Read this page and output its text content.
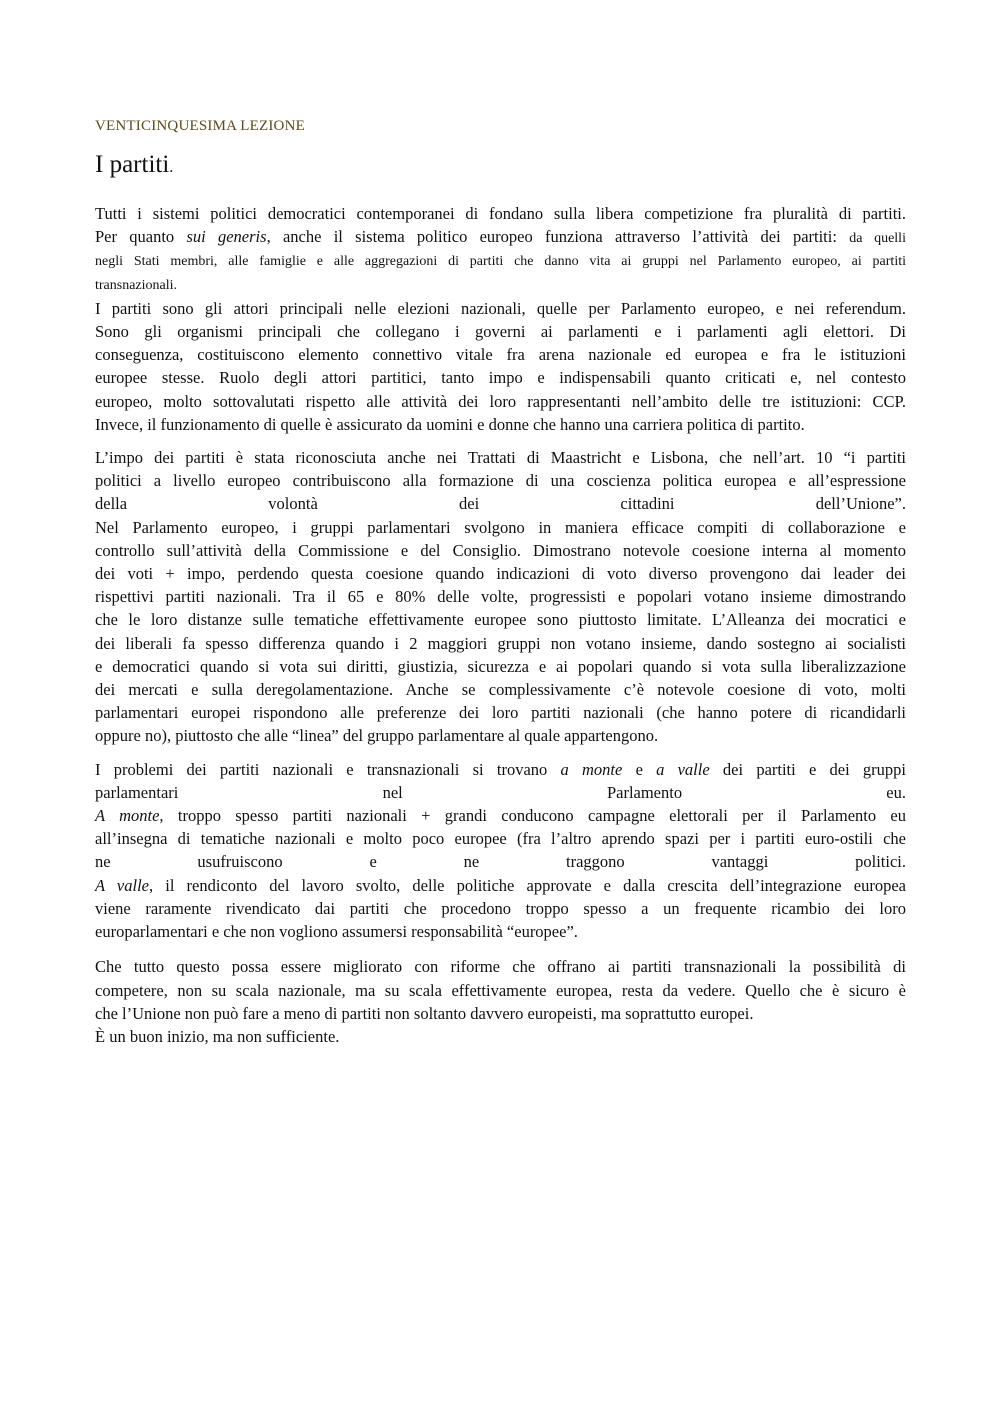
VENTICINQUESIMA LEZIONE
I partiti.
Tutti i sistemi politici democratici contemporanei di fondano sulla libera competizione fra pluralità di partiti.
Per quanto sui generis, anche il sistema politico europeo funziona attraverso l’attività dei partiti: da quelli
negli Stati membri, alle famiglie e alle aggregazioni di partiti che danno vita ai gruppi nel Parlamento europeo, ai partiti
transnazionali.
I partiti sono gli attori principali nelle elezioni nazionali, quelle per Parlamento europeo, e nei referendum.
Sono gli organismi principali che collegano i governi ai parlamenti e i parlamenti agli elettori. Di
conseguenza, costituiscono elemento connettivo vitale fra arena nazionale ed europea e fra le istituzioni
europee stesse. Ruolo degli attori partitici, tanto impo e indispensabili quanto criticati e, nel contesto
europeo, molto sottovalutati rispetto alle attività dei loro rappresentanti nell’ambito delle tre istituzioni: CCP.
Invece, il funzionamento di quelle è assicurato da uomini e donne che hanno una carriera politica di partito.
L’impo dei partiti è stata riconosciuta anche nei Trattati di Maastricht e Lisbona, che nell’art. 10 “i partiti
politici a livello europeo contribuiscono alla formazione di una coscienza politica europea e all’espressione
della volontà dei cittadini dell’Unione”.
Nel Parlamento europeo, i gruppi parlamentari svolgono in maniera efficace compiti di collaborazione e
controllo sull’attività della Commissione e del Consiglio. Dimostrano notevole coesione interna al momento
dei voti + impo, perdendo questa coesione quando indicazioni di voto diverso provengono dai leader dei
rispettivi partiti nazionali. Tra il 65 e 80% delle volte, progressisti e popolari votano insieme dimostrando
che le loro distanze sulle tematiche effettivamente europee sono piuttosto limitate. L’Alleanza dei mocratici e
dei liberali fa spesso differenza quando i 2 maggiori gruppi non votano insieme, dando sostegno ai socialisti
e democratici quando si vota sui diritti, giustizia, sicurezza e ai popolari quando si vota sulla liberalizzazione
dei mercati e sulla deregolamentazione. Anche se complessivamente c’è notevole coesione di voto, molti
parlamentari europei rispondono alle preferenze dei loro partiti nazionali (che hanno potere di ricandidarli
oppure no), piuttosto che alle “linea” del gruppo parlamentare al quale appartengono.
I problemi dei partiti nazionali e transnazionali si trovano a monte e a valle dei partiti e dei gruppi
parlamentari nel Parlamento eu.
A monte, troppo spesso partiti nazionali + grandi conducono campagne elettorali per il Parlamento eu
all’insegna di tematiche nazionali e molto poco europee (fra l’altro aprendo spazi per i partiti euro-ostili che
ne usufruiscono e ne traggono vantaggi politici.
A valle, il rendiconto del lavoro svolto, delle politiche approvate e dalla crescita dell’integrazione europea
viene raramente rivendicato dai partiti che procedono troppo spesso a un frequente ricambio dei loro
europarlamentari e che non vogliono assumersi responsabilità “europee”.
Che tutto questo possa essere migliorato con riforme che offrano ai partiti transnazionali la possibilità di
competere, non su scala nazionale, ma su scala effettivamente europea, resta da vedere. Quello che è sicuro è
che l’Unione non può fare a meno di partiti non soltanto davvero europeisti, ma soprattutto europei.
È un buon inizio, ma non sufficiente.
